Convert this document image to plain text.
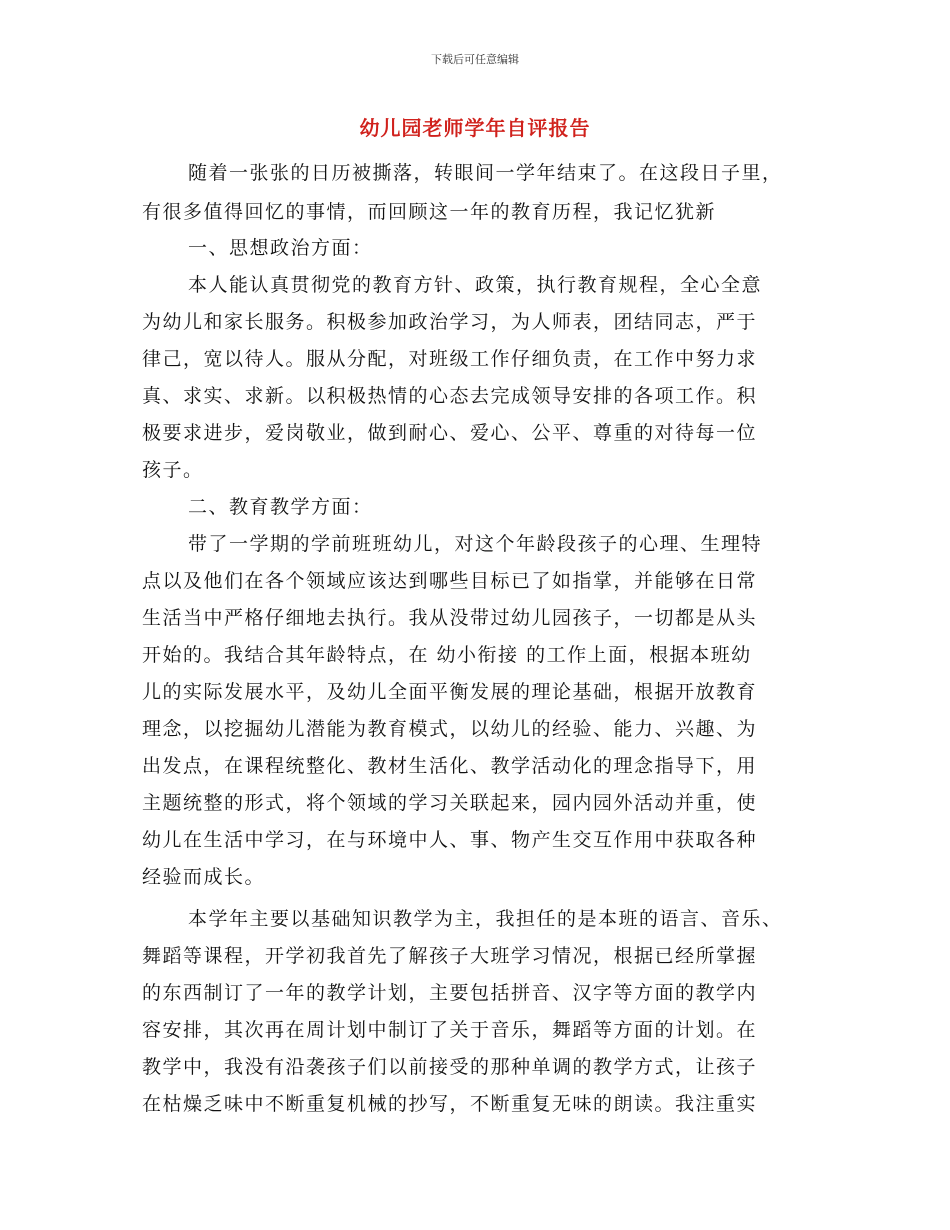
下载后可任意编辑
幼儿园老师学年自评报告
随着一张张的日历被撕落，转眼间一学年结束了。在这段日子里，
有很多值得回忆的事情，而回顾这一年的教育历程，我记忆犹新
一、思想政治方面：
本人能认真贯彻党的教育方针、政策，执行教育规程，全心全意
为幼儿和家长服务。积极参加政治学习，为人师表，团结同志，严于
律己，宽以待人。服从分配，对班级工作仔细负责，在工作中努力求
真、求实、求新。以积极热情的心态去完成领导安排的各项工作。积
极要求进步，爱岗敬业，做到耐心、爱心、公平、尊重的对待每一位
孩子。
二、教育教学方面：
带了一学期的学前班班幼儿，对这个年龄段孩子的心理、生理特
点以及他们在各个领域应该达到哪些目标已了如指掌，并能够在日常
生活当中严格仔细地去执行。我从没带过幼儿园孩子，一切都是从头
开始的。我结合其年龄特点，在 幼小衔接 的工作上面，根据本班幼
儿的实际发展水平，及幼儿全面平衡发展的理论基础，根据开放教育
理念，以挖掘幼儿潜能为教育模式，以幼儿的经验、能力、兴趣、为
出发点，在课程统整化、教材生活化、教学活动化的理念指导下，用
主题统整的形式，将个领域的学习关联起来，园内园外活动并重，使
幼儿在生活中学习，在与环境中人、事、物产生交互作用中获取各种
经验而成长。
本学年主要以基础知识教学为主，我担任的是本班的语言、音乐、
舞蹈等课程，开学初我首先了解孩子大班学习情况，根据已经所掌握
的东西制订了一年的教学计划，主要包括拼音、汉字等方面的教学内
容安排，其次再在周计划中制订了关于音乐，舞蹈等方面的计划。在
教学中，我没有沿袭孩子们以前接受的那种单调的教学方式，让孩子
在枯燥乏味中不断重复机械的抄写，不断重复无味的朗读。我注重实
